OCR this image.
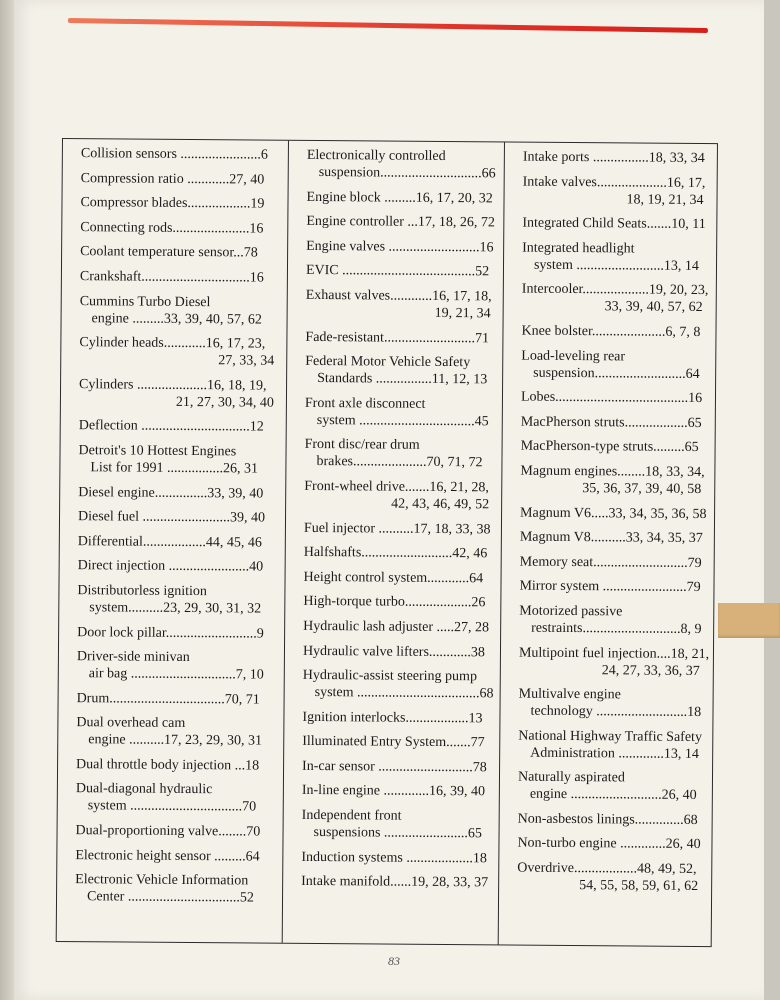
Collision sensors .......................6
Compression ratio ............27, 40
Compressor blades..................19
Connecting rods......................16
Coolant temperature sensor...78
Crankshaft...............................16
Cummins Turbo Diesel
engine .........33, 39, 40, 57, 62
Cylinder heads............16, 17, 23,
27, 33, 34
Cylinders ....................16, 18, 19,
21, 27, 30, 34, 40
Deflection ...............................12
Detroit's 10 Hottest Engines
List for 1991 ................26, 31
Diesel engine...............33, 39, 40
Diesel fuel .........................39, 40
Differential..................44, 45, 46
Direct injection .......................40
Distributorless ignition
system..........23, 29, 30, 31, 32
Door lock pillar..........................9
Driver-side minivan
air bag ..............................7, 10
Drum.................................70, 71
Dual overhead cam
engine ..........17, 23, 29, 30, 31
Dual throttle body injection ...18
Dual-diagonal hydraulic
system ................................70
Dual-proportioning valve........70
Electronic height sensor .........64
Electronic Vehicle Information
Center ................................52
Electronically controlled
suspension.............................66
Engine block .........16, 17, 20, 32
Engine controller ...17, 18, 26, 72
Engine valves ..........................16
EVIC ......................................52
Exhaust valves............16, 17, 18,
19, 21, 34
Fade-resistant..........................71
Federal Motor Vehicle Safety
Standards ................11, 12, 13
Front axle disconnect
system .................................45
Front disc/rear drum
brakes.....................70, 71, 72
Front-wheel drive.......16, 21, 28,
42, 43, 46, 49, 52
Fuel injector ..........17, 18, 33, 38
Halfshafts..........................42, 46
Height control system............64
High-torque turbo...................26
Hydraulic lash adjuster .....27, 28
Hydraulic valve lifters............38
Hydraulic-assist steering pump
system ...................................68
Ignition interlocks..................13
Illuminated Entry System.......77
In-car sensor ...........................78
In-line engine .............16, 39, 40
Independent front
suspensions ........................65
Induction systems ...................18
Intake manifold......19, 28, 33, 37
Intake ports ................18, 33, 34
Intake valves....................16, 17,
18, 19, 21, 34
Integrated Child Seats.......10, 11
Integrated headlight
system .........................13, 14
Intercooler...................19, 20, 23,
33, 39, 40, 57, 62
Knee bolster.....................6, 7, 8
Load-leveling rear
suspension..........................64
Lobes......................................16
MacPherson struts..................65
MacPherson-type struts.........65
Magnum engines........18, 33, 34,
35, 36, 37, 39, 40, 58
Magnum V6.....33, 34, 35, 36, 58
Magnum V8..........33, 34, 35, 37
Memory seat...........................79
Mirror system ........................79
Motorized passive
restraints............................8, 9
Multipoint fuel injection....18, 21,
24, 27, 33, 36, 37
Multivalve engine
technology ..........................18
National Highway Traffic Safety
Administration .............13, 14
Naturally aspirated
engine ..........................26, 40
Non-asbestos linings..............68
Non-turbo engine .............26, 40
Overdrive..................48, 49, 52,
54, 55, 58, 59, 61, 62
83
